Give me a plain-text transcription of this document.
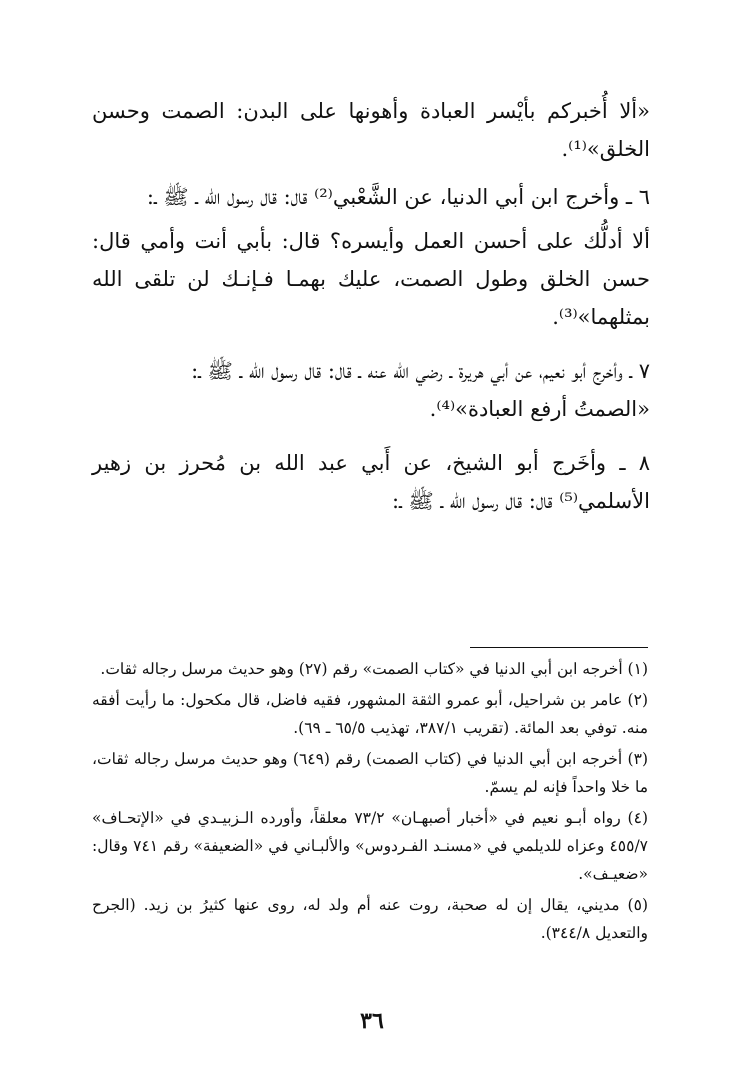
«ألا أُخبركم بأيْسر العبادة وأهونها على البدن: الصمت وحسن الخلق»⁽¹⁾.

٦ ـ وأخرج ابن أبي الدنيا، عن الشَّعْبي⁽²⁾ قال: قال رسول الله ـ ﷺ ـ:

ألا أدلُّك على أحسن العمل وأيسره؟ قال: بأبي أنت وأمي قال: حسن الخلق وطول الصمت، عليك بهمـا فـإنـك لن تلقى الله بمثلهما»⁽³⁾.

٧ ـ وأخرج أبو نعيم، عن أبي هريرة ـ رضي الله عنه ـ قال: قال رسول الله ـ ﷺ ـ:

«الصمتُ أرفع العبادة»⁽⁴⁾.

٨ ـ وأخَرج أبو الشيخ، عن أَبي عبد الله بن مُحرز بن زهير الأسلمي⁽⁵⁾ قال: قال رسول الله ـ ﷺ ـ:

(١) أخرجه ابن أبي الدنيا في «كتاب الصمت» رقم (٢٧) وهو حديث مرسل رجاله ثقات.

(٢) عامر بن شراحيل، أبو عمرو الثقة المشهور، فقيه فاضل، قال مكحول: ما رأيت أفقه منه. توفي بعد المائة. (تقريب ٣٨٧/١، تهذيب ٦٥/٥ ـ ٦٩).

(٣) أخرجه ابن أبي الدنيا في (كتاب الصمت) رقم (٦٤٩) وهو حديث مرسل رجاله ثقات، ما خلا واحداً فإنه لم يسمّ.

(٤) رواه أبـو نعيم في «أخبار أصبهـان» ٧٣/٢ معلقاً، وأورده الـزبيـدي في «الإتحـاف» ٤٥٥/٧ وعزاه للديلمي في «مسنـد الفـردوس» والألبـاني في «الضعيفة» رقم ٧٤١ وقال: «ضعيـف».

(٥) مديني، يقال إن له صحبة، روت عنه أم ولد له، روى عنها كثيرُ بن زيد. (الجرح والتعديل ٣٤٤/٨).

٣٦
